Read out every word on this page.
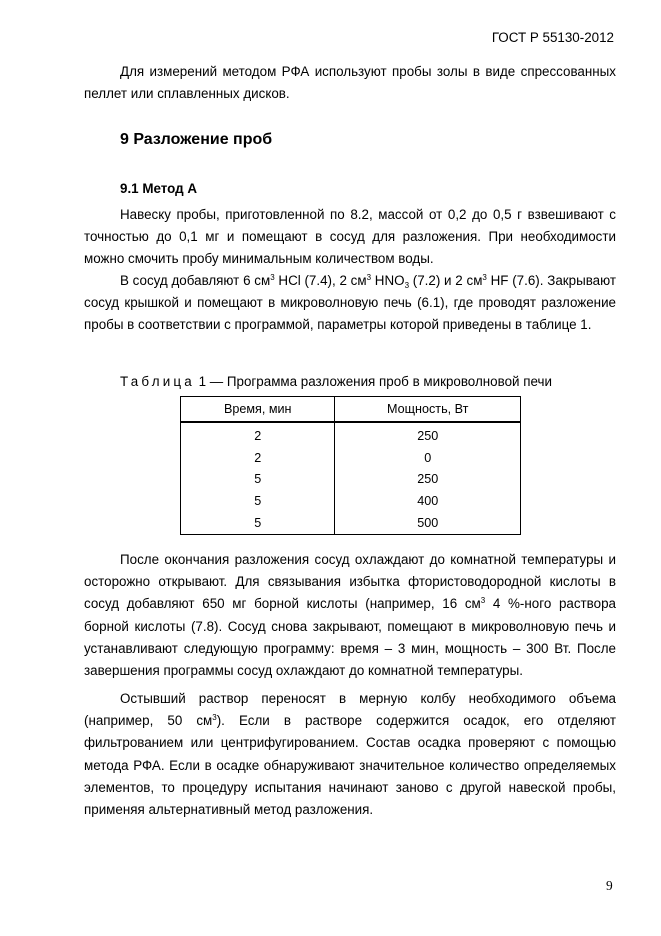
ГОСТ Р 55130-2012

Для измерений методом РФА используют пробы золы в виде спрессованных пеллет или сплавленных дисков.

9 Разложение проб
9.1 Метод А

Навеску пробы, приготовленной по 8.2, массой от 0,2 до 0,5 г взвешивают с точностью до 0,1 мг и помещают в сосуд для разложения. При необходимости можно смочить пробу минимальным количеством воды.

В сосуд добавляют 6 $см^3$ HCl (7.4), 2 $см^3$ $HNO_3$ (7.2) и 2 $см^3$ HF (7.6). Закрывают сосуд крышкой и помещают в микроволновую печь (6.1), где проводят разложение пробы в соответствии с программой, параметры которой приведены в таблице 1.

Таблица 1 — Программа разложения проб в микроволновой печи
Время, мин	Мощность, Вт
2	250
2	0
5	250
5	400
5	500

После окончания разложения сосуд охлаждают до комнатной температуры и осторожно открывают. Для связывания избытка фтористоводородной кислоты в сосуд добавляют 650 мг борной кислоты (например, 16 $см^3$ 4 %-ного раствора борной кислоты (7.8). Сосуд снова закрывают, помещают в микроволновую печь и устанавливают следующую программу: время – 3 мин, мощность – 300 Вт. После завершения программы сосуд охлаждают до комнатной температуры.

Остывший раствор переносят в мерную колбу необходимого объема (например, 50 $см^3$). Если в растворе содержится осадок, его отделяют фильтрованием или центрифугированием. Состав осадка проверяют с помощью метода РФА. Если в осадке обнаруживают значительное количество определяемых элементов, то процедуру испытания начинают заново с другой навеской пробы, применяя альтернативный метод разложения.

9
